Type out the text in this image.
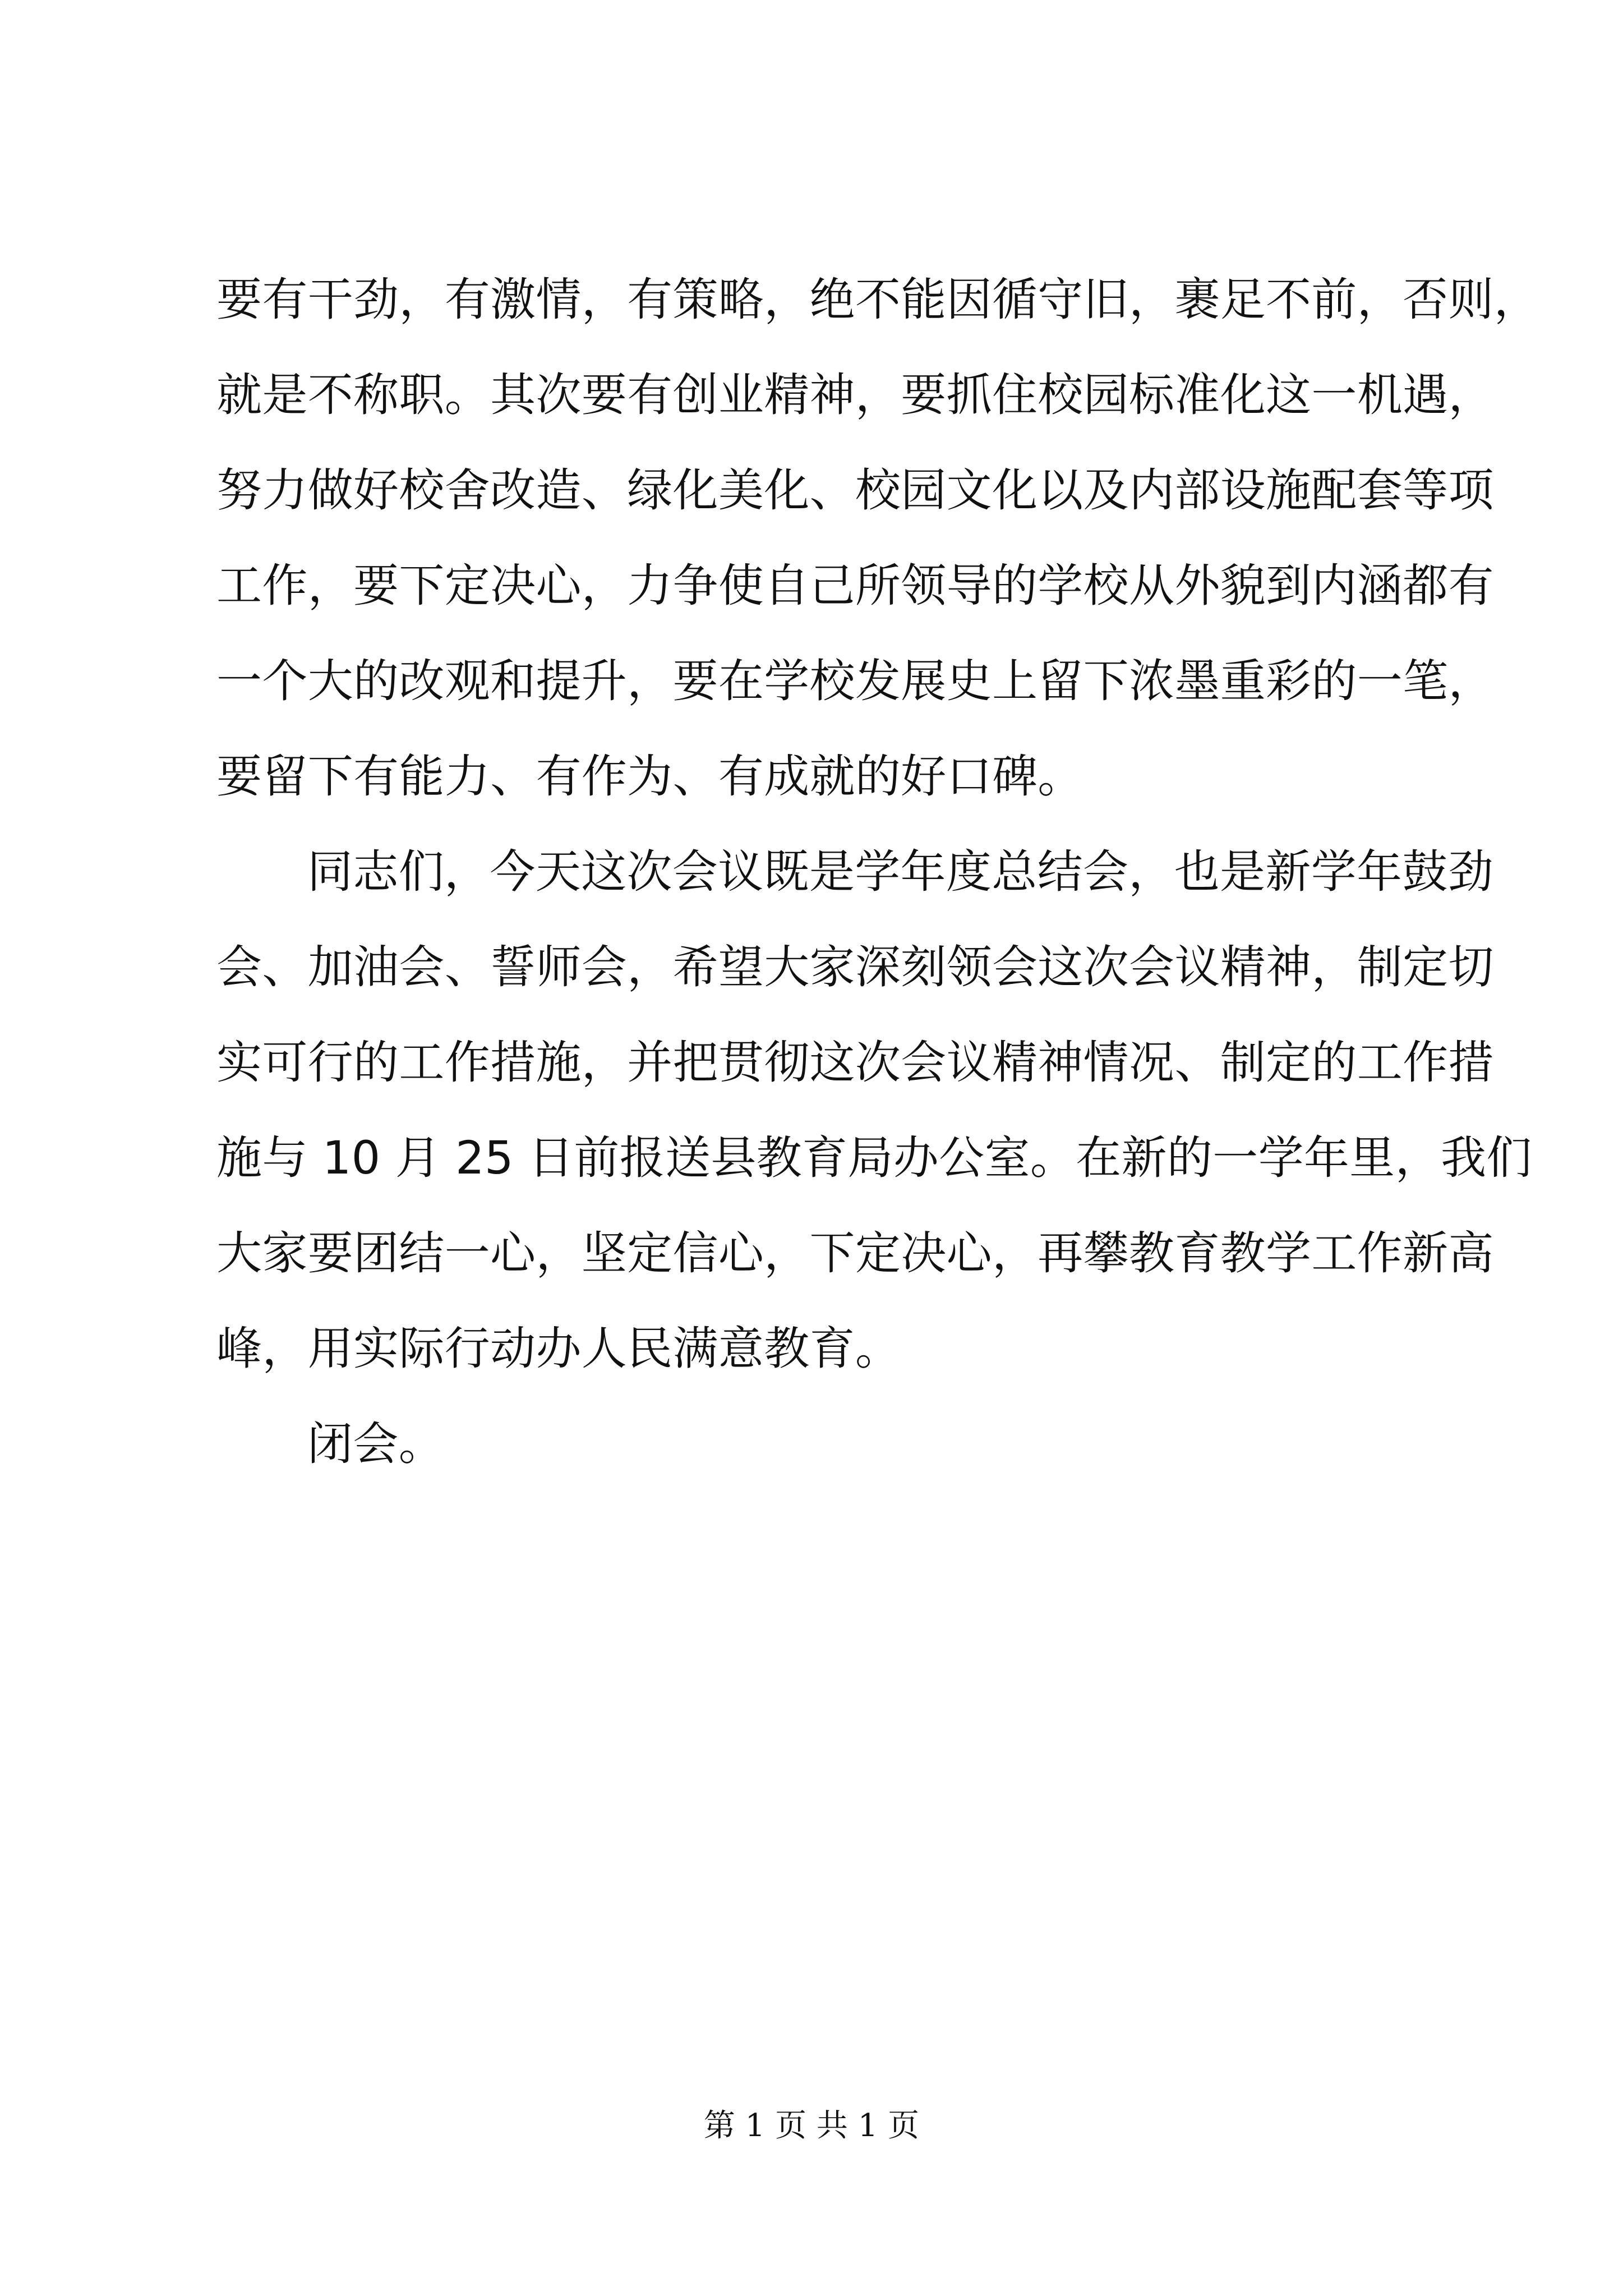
要有干劲，有激情，有策略，绝不能因循守旧，裹足不前，否则，
就是不称职。其次要有创业精神，要抓住校园标准化这一机遇，
努力做好校舍改造、绿化美化、校园文化以及内部设施配套等项
工作，要下定决心，力争使自己所领导的学校从外貌到内涵都有
一个大的改观和提升，要在学校发展史上留下浓墨重彩的一笔，
要留下有能力、有作为、有成就的好口碑。
同志们，今天这次会议既是学年度总结会，也是新学年鼓劲
会、加油会、誓师会，希望大家深刻领会这次会议精神，制定切
实可行的工作措施，并把贯彻这次会议精神情况、制定的工作措
施与 10 月 25 日前报送县教育局办公室。在新的一学年里，我们
大家要团结一心，坚定信心，下定决心，再攀教育教学工作新高
峰，用实际行动办人民满意教育。
闭会。
第 1 页 共 1 页
